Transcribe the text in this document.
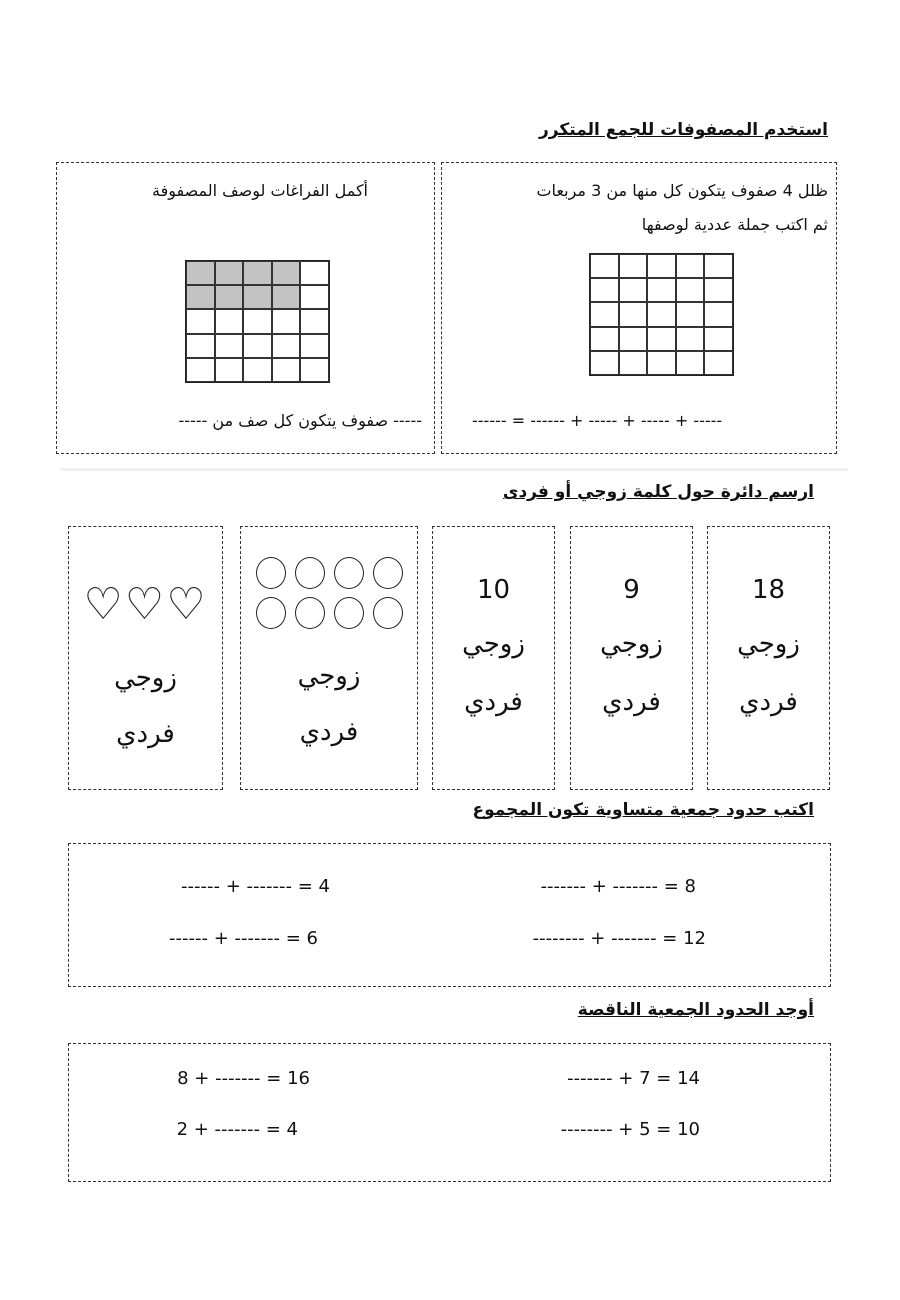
استخدم المصفوفات للجمع المتكرر
ظلل 4 صفوف يتكون كل منها من 3 مربعات
ثم اكتب جملة عددية لوصفها
------ = ------ + ----- + ----- + -----
أكمل الفراغات لوصف المصفوفة
----- صفوف يتكون كل صف من -----
ارسم دائرة حول كلمة زوجي أو فردى
18
زوجي
فردي
9
زوجي
فردي
10
زوجي
فردي
زوجي
فردي
♡♡♡
زوجي
فردي
اكتب حدود جمعية متساوية تكون المجموع
8 = ------- + -------
4 = ------- + ------
12 = ------- + --------
6 = ------- + ------
أوجد الحدود الجمعية الناقصة
14 = 7 + -------
16 = ------- + 8
10 = 5 + --------
4 = ------- + 2
